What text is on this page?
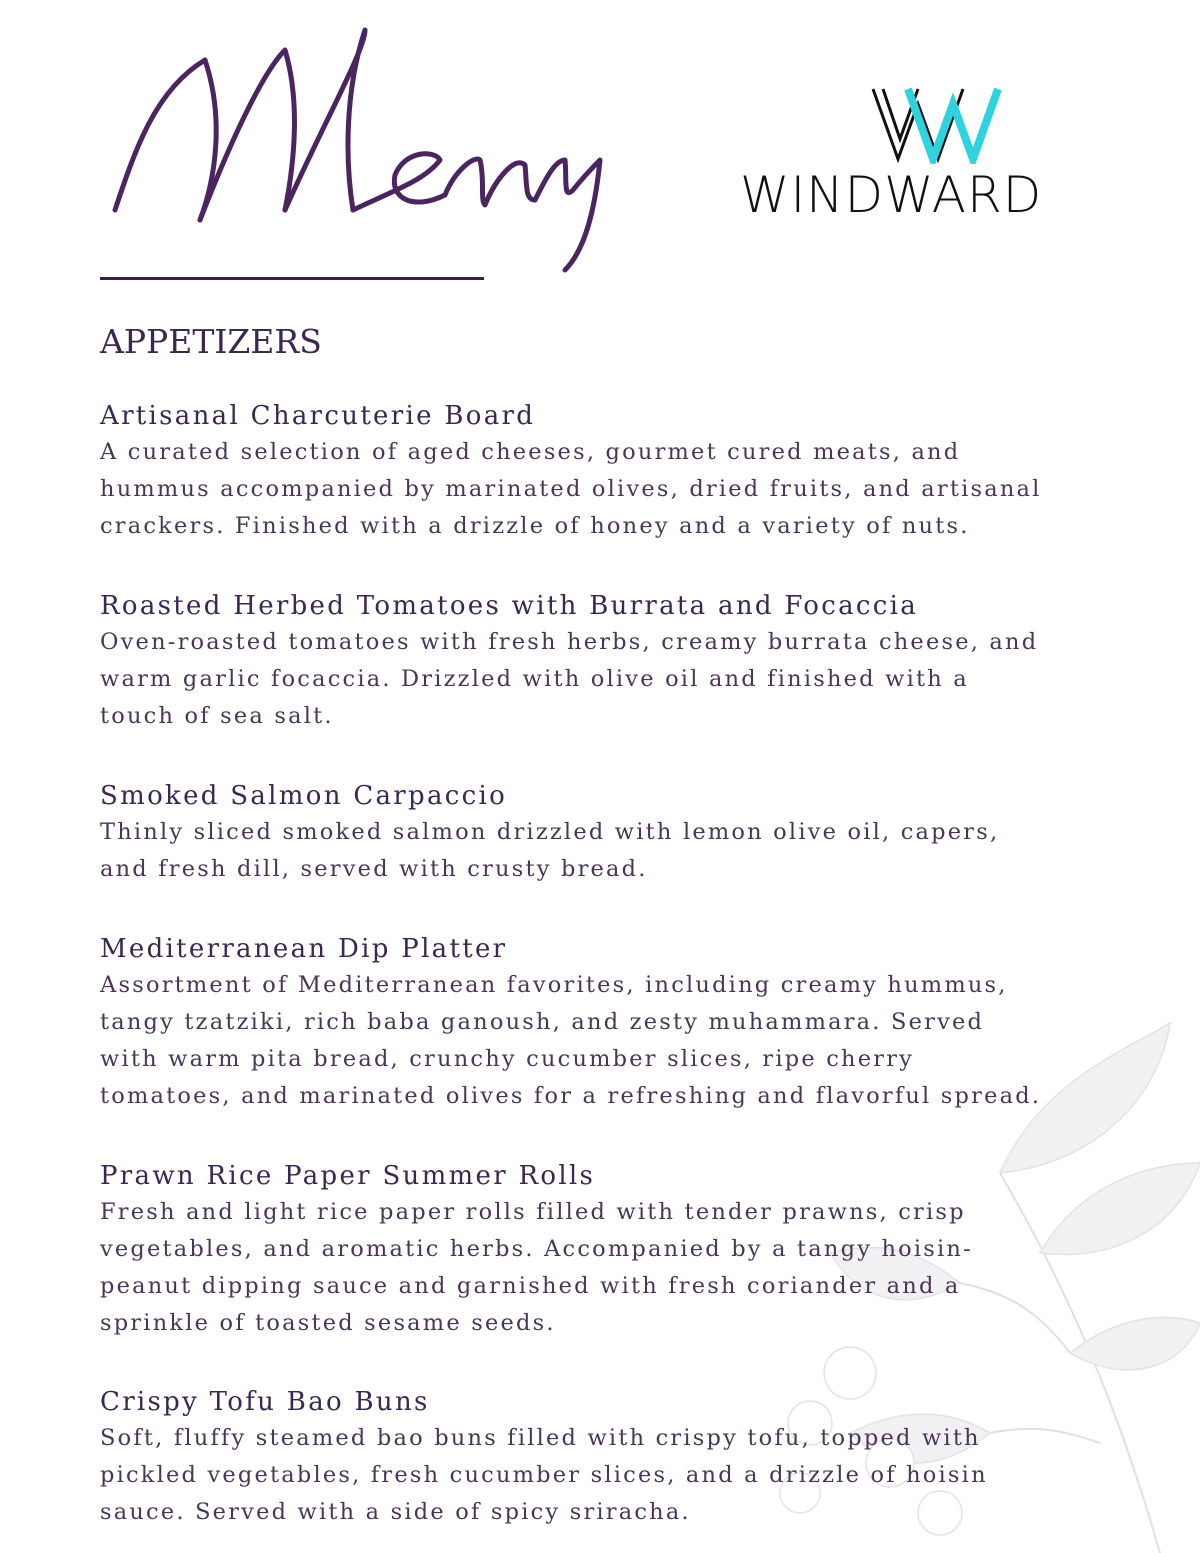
WINDWARD
APPETIZERS
Artisanal Charcuterie Board
A curated selection of aged cheeses, gourmet cured meats, and
hummus accompanied by marinated olives, dried fruits, and artisanal
crackers. Finished with a drizzle of honey and a variety of nuts.
Roasted Herbed Tomatoes with Burrata and Focaccia
Oven-roasted tomatoes with fresh herbs, creamy burrata cheese, and
warm garlic focaccia. Drizzled with olive oil and finished with a
touch of sea salt.
Smoked Salmon Carpaccio
Thinly sliced smoked salmon drizzled with lemon olive oil, capers,
and fresh dill, served with crusty bread.
Mediterranean Dip Platter
Assortment of Mediterranean favorites, including creamy hummus,
tangy tzatziki, rich baba ganoush, and zesty muhammara. Served
with warm pita bread, crunchy cucumber slices, ripe cherry
tomatoes, and marinated olives for a refreshing and flavorful spread.
Prawn Rice Paper Summer Rolls
Fresh and light rice paper rolls filled with tender prawns, crisp
vegetables, and aromatic herbs. Accompanied by a tangy hoisin-
peanut dipping sauce and garnished with fresh coriander and a
sprinkle of toasted sesame seeds.
Crispy Tofu Bao Buns
Soft, fluffy steamed bao buns filled with crispy tofu, topped with
pickled vegetables, fresh cucumber slices, and a drizzle of hoisin
sauce. Served with a side of spicy sriracha.
